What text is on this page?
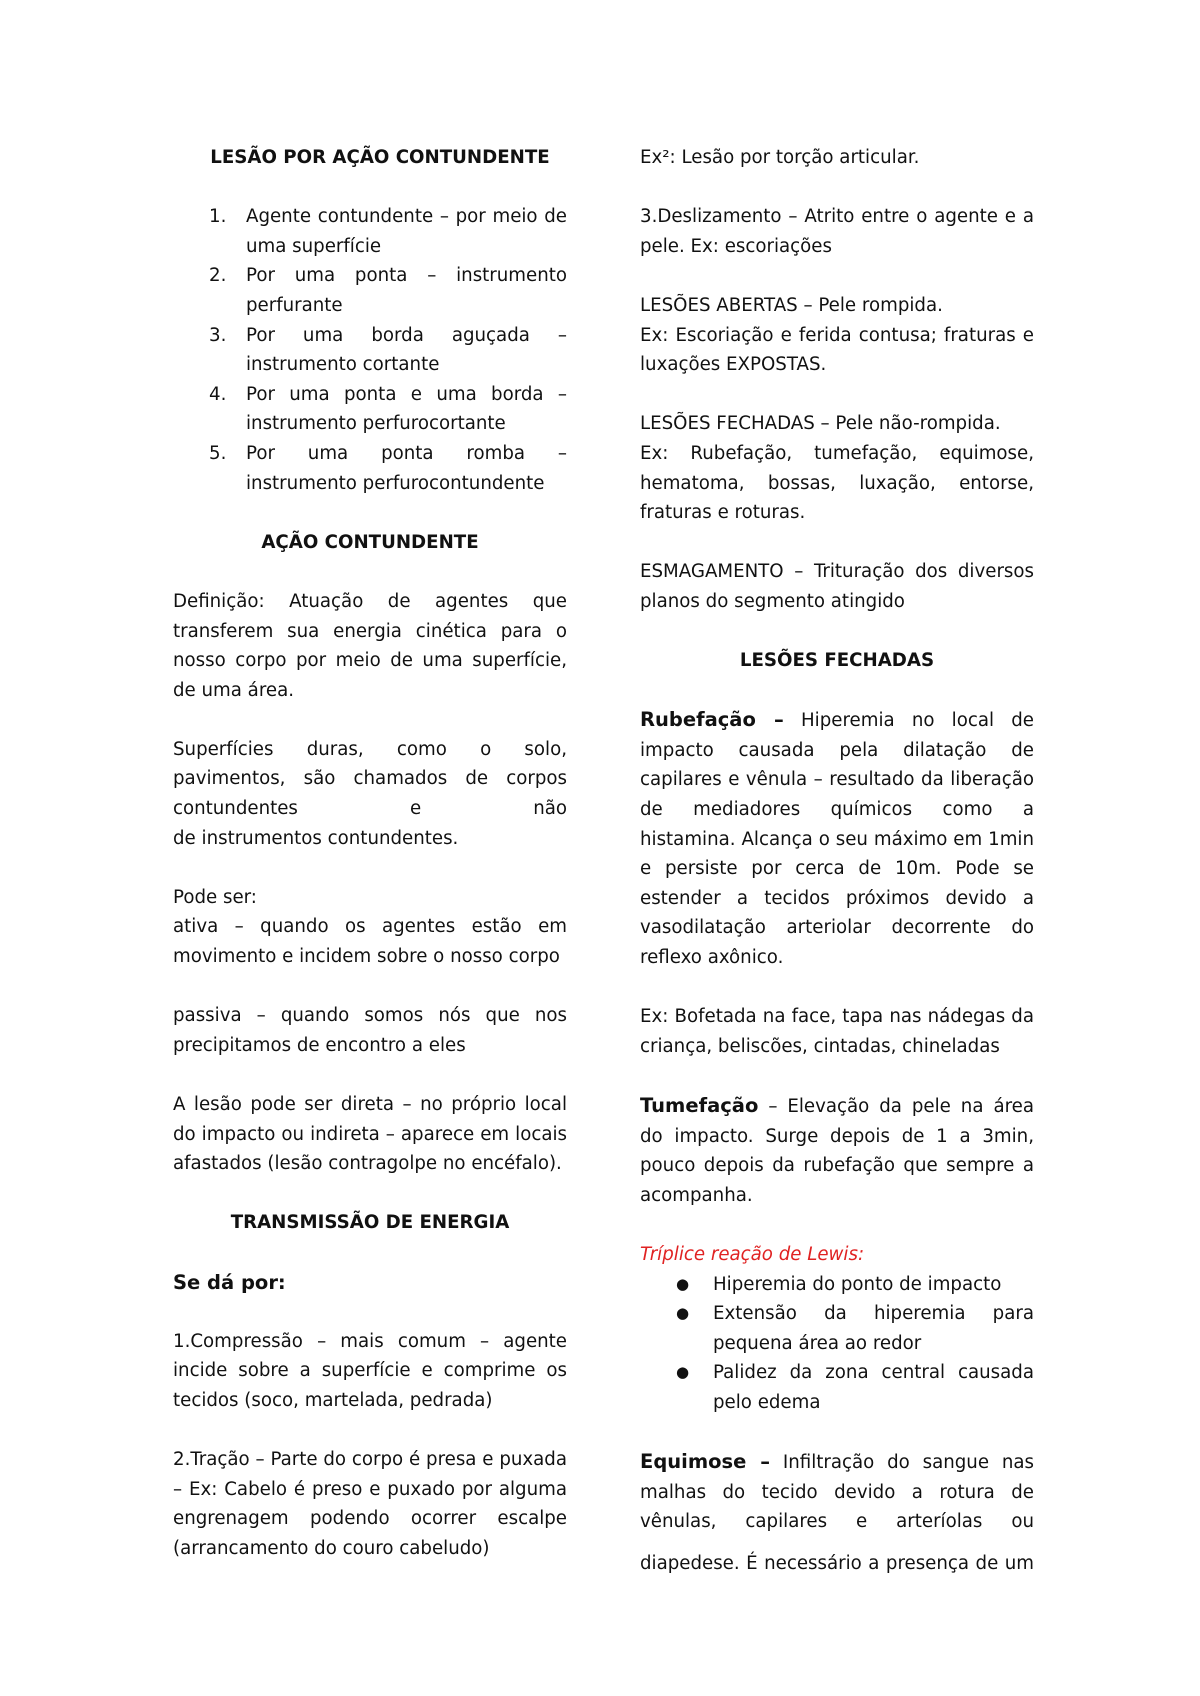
LESÃO POR AÇÃO CONTUNDENTE

1. Agente contundente – por meio de uma superfície
2. Por uma ponta – instrumento perfurante
3. Por uma borda aguçada – instrumento cortante
4. Por uma ponta e uma borda – instrumento perfurocortante
5. Por uma ponta romba – instrumento perfurocontundente

AÇÃO CONTUNDENTE

Definição: Atuação de agentes que transferem sua energia cinética para o nosso corpo por meio de uma superfície, de uma área.

Superfícies duras, como o solo, pavimentos, são chamados de corpos contundentes e não

de instrumentos contundentes.

Pode ser:

ativa – quando os agentes estão em movimento e incidem sobre o nosso corpo

passiva – quando somos nós que nos precipitamos de encontro a eles

A lesão pode ser direta – no próprio local do impacto ou indireta – aparece em locais afastados (lesão contragolpe no encéfalo).

TRANSMISSÃO DE ENERGIA

Se dá por:

1.Compressão – mais comum – agente incide sobre a superfície e comprime os tecidos (soco, martelada, pedrada)

2.Tração – Parte do corpo é presa e puxada – Ex: Cabelo é preso e puxado por alguma engrenagem podendo ocorrer escalpe (arrancamento do couro cabeludo)

Ex²: Lesão por torção articular.

3.Deslizamento – Atrito entre o agente e a pele. Ex: escoriações

LESÕES ABERTAS – Pele rompida.

Ex: Escoriação e ferida contusa; fraturas e luxações EXPOSTAS.

LESÕES FECHADAS – Pele não-rompida.

Ex: Rubefação, tumefação, equimose, hematoma, bossas, luxação, entorse, fraturas e roturas.

ESMAGAMENTO – Trituração dos diversos planos do segmento atingido

LESÕES FECHADAS

Rubefação – Hiperemia no local de impacto causada pela dilatação de capilares e vênula – resultado da liberação de mediadores químicos como a histamina. Alcança o seu máximo em 1min e persiste por cerca de 10m. Pode se estender a tecidos próximos devido a vasodilatação arteriolar decorrente do reflexo axônico.

Ex: Bofetada na face, tapa nas nádegas da criança, beliscões, cintadas, chineladas

Tumefação – Elevação da pele na área do impacto. Surge depois de 1 a 3min, pouco depois da rubefação que sempre a acompanha.

Tríplice reação de Lewis:

● Hiperemia do ponto de impacto
● Extensão da hiperemia para pequena área ao redor
● Palidez da zona central causada pelo edema

Equimose – Infiltração do sangue nas malhas do tecido devido a rotura de vênulas, capilares e arteríolas ou

diapedese. É necessário a presença de um
